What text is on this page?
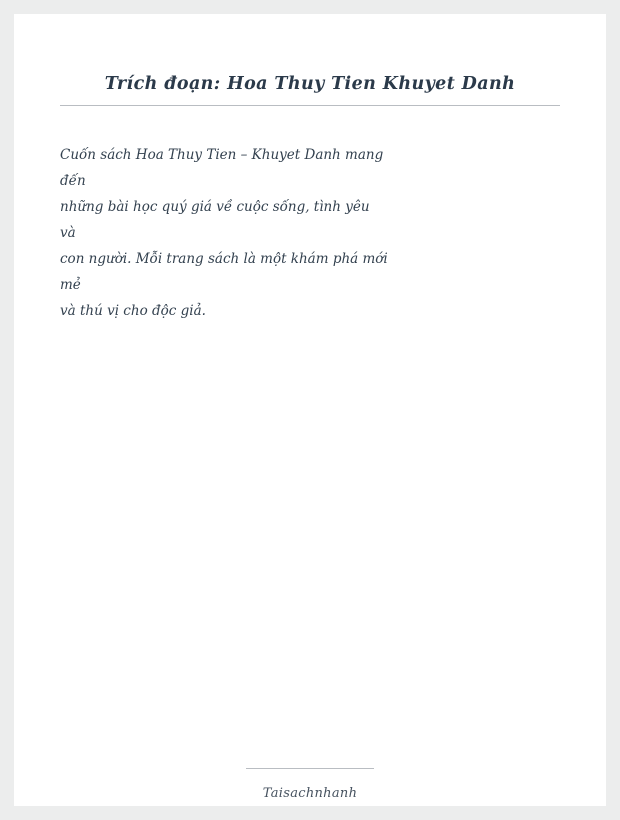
Trích đoạn: Hoa Thuy Tien Khuyet Danh
Cuốn sách Hoa Thuy Tien – Khuyet Danh mang
đến
những bài học quý giá về cuộc sống, tình yêu
và
con người. Mỗi trang sách là một khám phá mới
mẻ
và thú vị cho độc giả.
Taisachnhanh
